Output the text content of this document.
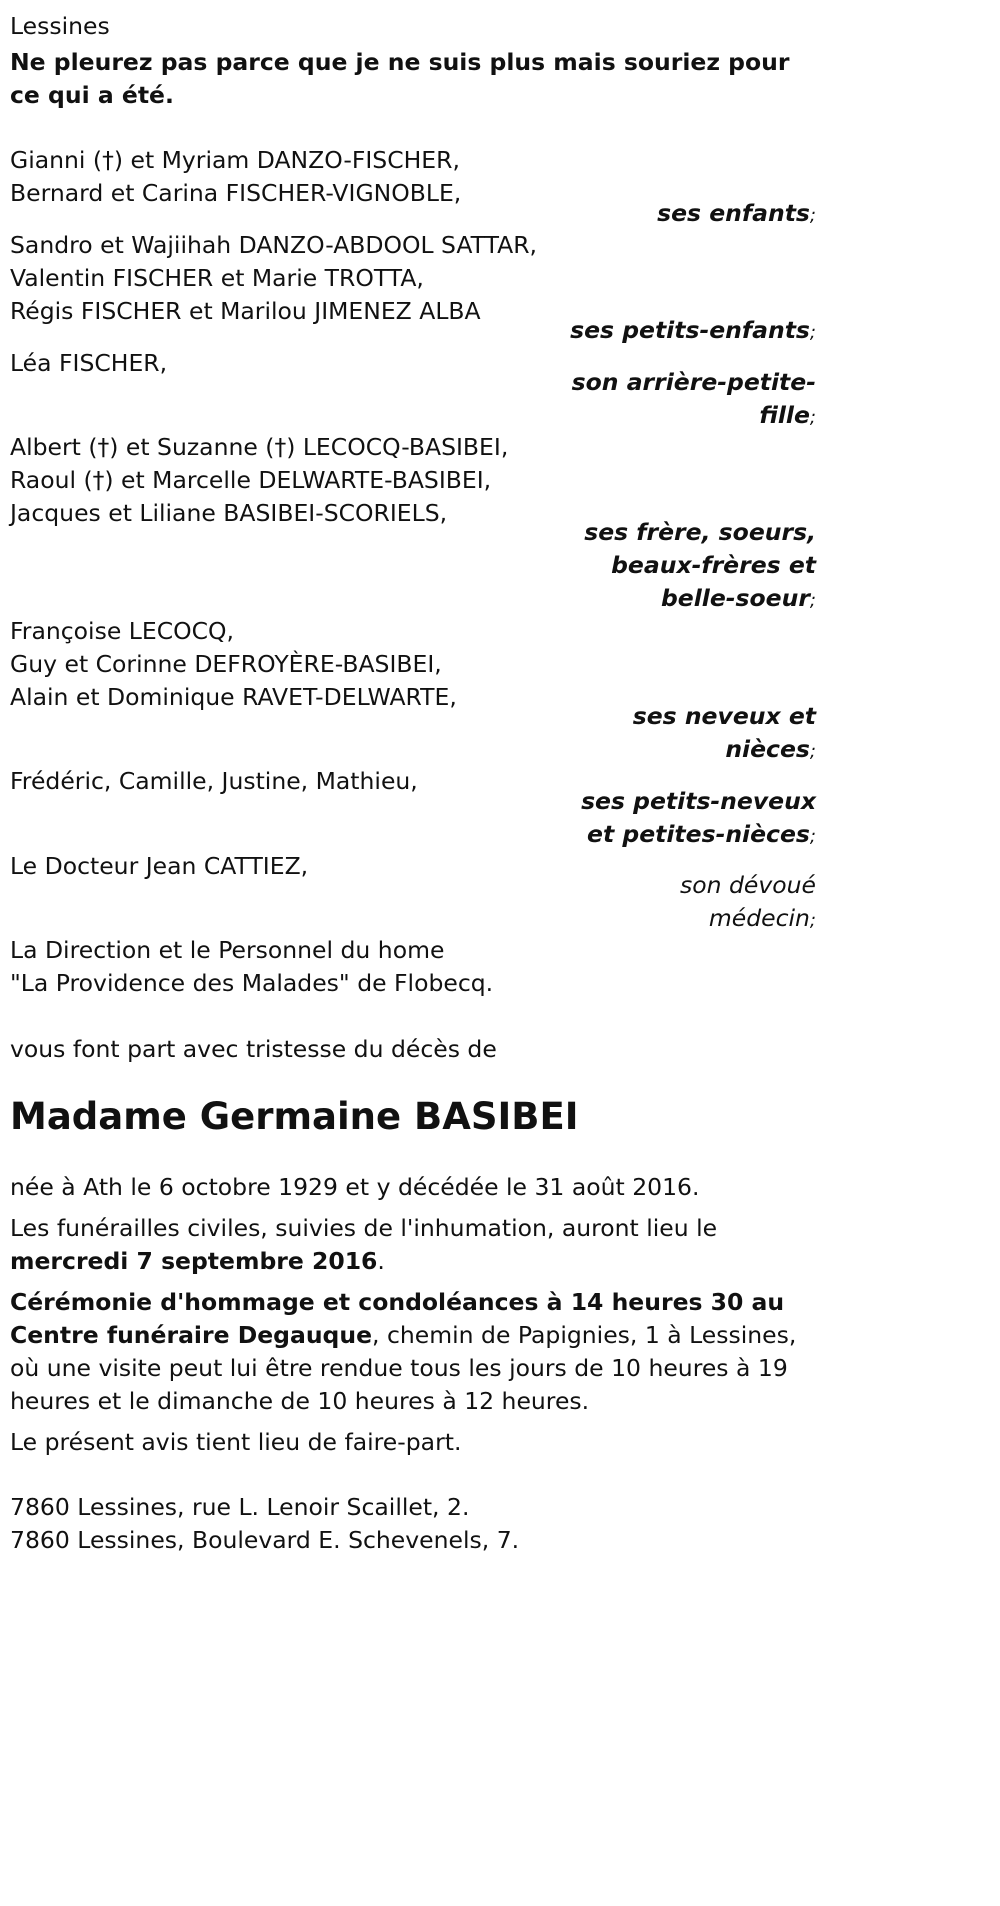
Lessines
Ne pleurez pas parce que je ne suis plus mais souriez pour ce qui a été.
Gianni (†) et Myriam DANZO-FISCHER,
Bernard et Carina FISCHER-VIGNOBLE,
ses enfants;
Sandro et Wajiihah DANZO-ABDOOL SATTAR,
Valentin FISCHER et Marie TROTTA,
Régis FISCHER et Marilou JIMENEZ ALBA
ses petits-enfants;
Léa FISCHER,
son arrière-petite-
fille;
Albert (†) et Suzanne (†) LECOCQ-BASIBEI,
Raoul (†) et Marcelle DELWARTE-BASIBEI,
Jacques et Liliane BASIBEI-SCORIELS,
ses frère, soeurs,
beaux-frères et
belle-soeur;
Françoise LECOCQ,
Guy et Corinne DEFROYÈRE-BASIBEI,
Alain et Dominique RAVET-DELWARTE,
ses neveux et
nièces;
Frédéric, Camille, Justine, Mathieu,
ses petits-neveux
et petites-nièces;
Le Docteur Jean CATTIEZ,
son dévoué
médecin;
La Direction et le Personnel du home
"La Providence des Malades" de Flobecq.
vous font part avec tristesse du décès de
Madame Germaine BASIBEI
née à Ath le 6 octobre 1929 et y décédée le 31 août 2016.
Les funérailles civiles, suivies de l'inhumation, auront lieu le mercredi 7 septembre 2016.
Cérémonie d'hommage et condoléances à 14 heures 30 au Centre funéraire Degauque, chemin de Papignies, 1 à Lessines, où une visite peut lui être rendue tous les jours de 10 heures à 19 heures et le dimanche de 10 heures à 12 heures.
Le présent avis tient lieu de faire-part.
7860 Lessines, rue L. Lenoir Scaillet, 2.
7860 Lessines, Boulevard E. Schevenels, 7.
